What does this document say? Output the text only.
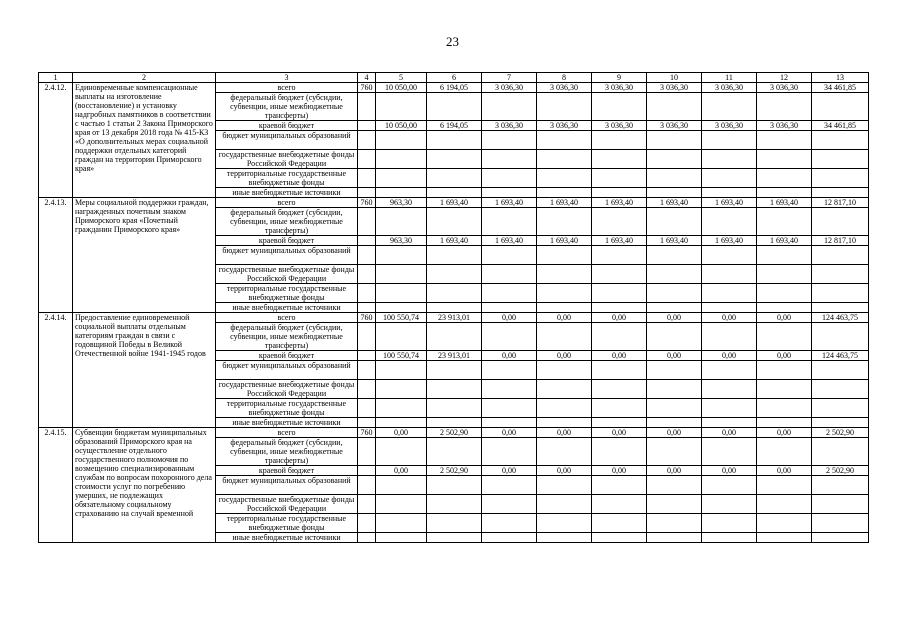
23
1	2	3	4	5	6	7	8	9	10	11	12	13
2.4.12.	Единовременные компенсационные выплаты на изготовление (восстановление) и установку надгробных памятников в соответствии с частью 1 статьи 2 Закона Приморского края от 13 декабря 2018 года № 415-КЗ «О дополнительных мерах социальной поддержки отдельных категорий граждан на территории Приморского края»	всего	760	10 050,00	6 194,05	3 036,30	3 036,30	3 036,30	3 036,30	3 036,30	3 036,30	34 461,85
		федеральный бюджет (субсидии, субвенции, иные межбюджетные трансферты)										
		краевой бюджет		10 050,00	6 194,05	3 036,30	3 036,30	3 036,30	3 036,30	3 036,30	3 036,30	34 461,85
		бюджет муниципальных образований										
		государственные внебюджетные фонды Российской Федерации										
		территориальные государственные внебюджетные фонды										
		иные внебюджетные источники										
2.4.13.	Меры социальной поддержки граждан, награжденных почетным знаком Приморского края «Почетный гражданин Приморского края»	всего	760	963,30	1 693,40	1 693,40	1 693,40	1 693,40	1 693,40	1 693,40	1 693,40	12 817,10
		федеральный бюджет (субсидии, субвенции, иные межбюджетные трансферты)										
		краевой бюджет		963,30	1 693,40	1 693,40	1 693,40	1 693,40	1 693,40	1 693,40	1 693,40	12 817,10
		бюджет муниципальных образований										
		государственные внебюджетные фонды Российской Федерации										
		территориальные государственные внебюджетные фонды										
		иные внебюджетные источники										
2.4.14.	Предоставление единовременной социальной выплаты отдельным категориям граждан в связи с годовщиной Победы в Великой Отечественной войне 1941-1945 годов	всего	760	100 550,74	23 913,01	0,00	0,00	0,00	0,00	0,00	0,00	124 463,75
		федеральный бюджет (субсидии, субвенции, иные межбюджетные трансферты)										
		краевой бюджет		100 550,74	23 913,01	0,00	0,00	0,00	0,00	0,00	0,00	124 463,75
		бюджет муниципальных образований										
		государственные внебюджетные фонды Российской Федерации										
		территориальные государственные внебюджетные фонды										
		иные внебюджетные источники										
2.4.15.	Субвенции бюджетам муниципальных образований Приморского края на осуществление отдельного государственного полномочия по возмещению специализированным службам по вопросам похоронного дела стоимости услуг по погребению умерших, не подлежащих обязательному социальному страхованию на случай временной	всего	760	0,00	2 502,90	0,00	0,00	0,00	0,00	0,00	0,00	2 502,90
		федеральный бюджет (субсидии, субвенции, иные межбюджетные трансферты)										
		краевой бюджет		0,00	2 502,90	0,00	0,00	0,00	0,00	0,00	0,00	2 502,90
		бюджет муниципальных образований										
		государственные внебюджетные фонды Российской Федерации										
		территориальные государственные внебюджетные фонды										
		иные внебюджетные источники										
